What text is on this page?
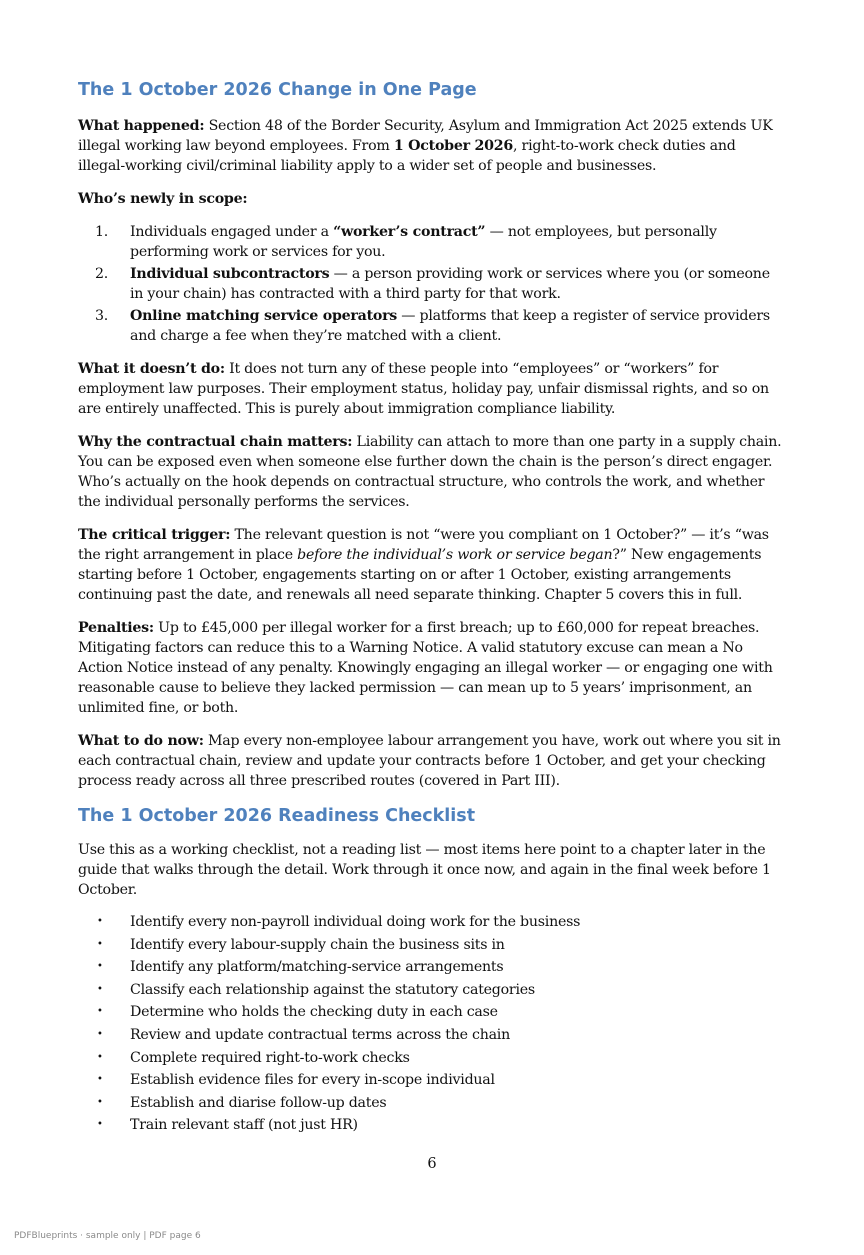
The 1 October 2026 Change in One Page

What happened: Section 48 of the Border Security, Asylum and Immigration Act 2025 extends UK illegal working law beyond employees. From 1 October 2026, right-to-work check duties and illegal-working civil/criminal liability apply to a wider set of people and businesses.

Who’s newly in scope:

1. Individuals engaged under a “worker’s contract” — not employees, but personally performing work or services for you.
2. Individual subcontractors — a person providing work or services where you (or someone in your chain) has contracted with a third party for that work.
3. Online matching service operators — platforms that keep a register of service providers and charge a fee when they’re matched with a client.

What it doesn’t do: It does not turn any of these people into “employees” or “workers” for employment law purposes. Their employment status, holiday pay, unfair dismissal rights, and so on are entirely unaffected. This is purely about immigration compliance liability.

Why the contractual chain matters: Liability can attach to more than one party in a supply chain. You can be exposed even when someone else further down the chain is the person’s direct engager. Who’s actually on the hook depends on contractual structure, who controls the work, and whether the individual personally performs the services.

The critical trigger: The relevant question is not “were you compliant on 1 October?” — it’s “was the right arrangement in place before the individual’s work or service began?” New engagements starting before 1 October, engagements starting on or after 1 October, existing arrangements continuing past the date, and renewals all need separate thinking. Chapter 5 covers this in full.

Penalties: Up to £45,000 per illegal worker for a first breach; up to £60,000 for repeat breaches. Mitigating factors can reduce this to a Warning Notice. A valid statutory excuse can mean a No Action Notice instead of any penalty. Knowingly engaging an illegal worker — or engaging one with reasonable cause to believe they lacked permission — can mean up to 5 years’ imprisonment, an unlimited fine, or both.

What to do now: Map every non-employee labour arrangement you have, work out where you sit in each contractual chain, review and update your contracts before 1 October, and get your checking process ready across all three prescribed routes (covered in Part III).

The 1 October 2026 Readiness Checklist

Use this as a working checklist, not a reading list — most items here point to a chapter later in the guide that walks through the detail. Work through it once now, and again in the final week before 1 October.

• Identify every non-payroll individual doing work for the business
• Identify every labour-supply chain the business sits in
• Identify any platform/matching-service arrangements
• Classify each relationship against the statutory categories
• Determine who holds the checking duty in each case
• Review and update contractual terms across the chain
• Complete required right-to-work checks
• Establish evidence files for every in-scope individual
• Establish and diarise follow-up dates
• Train relevant staff (not just HR)
6
PDFBlueprints · sample only | PDF page 6
